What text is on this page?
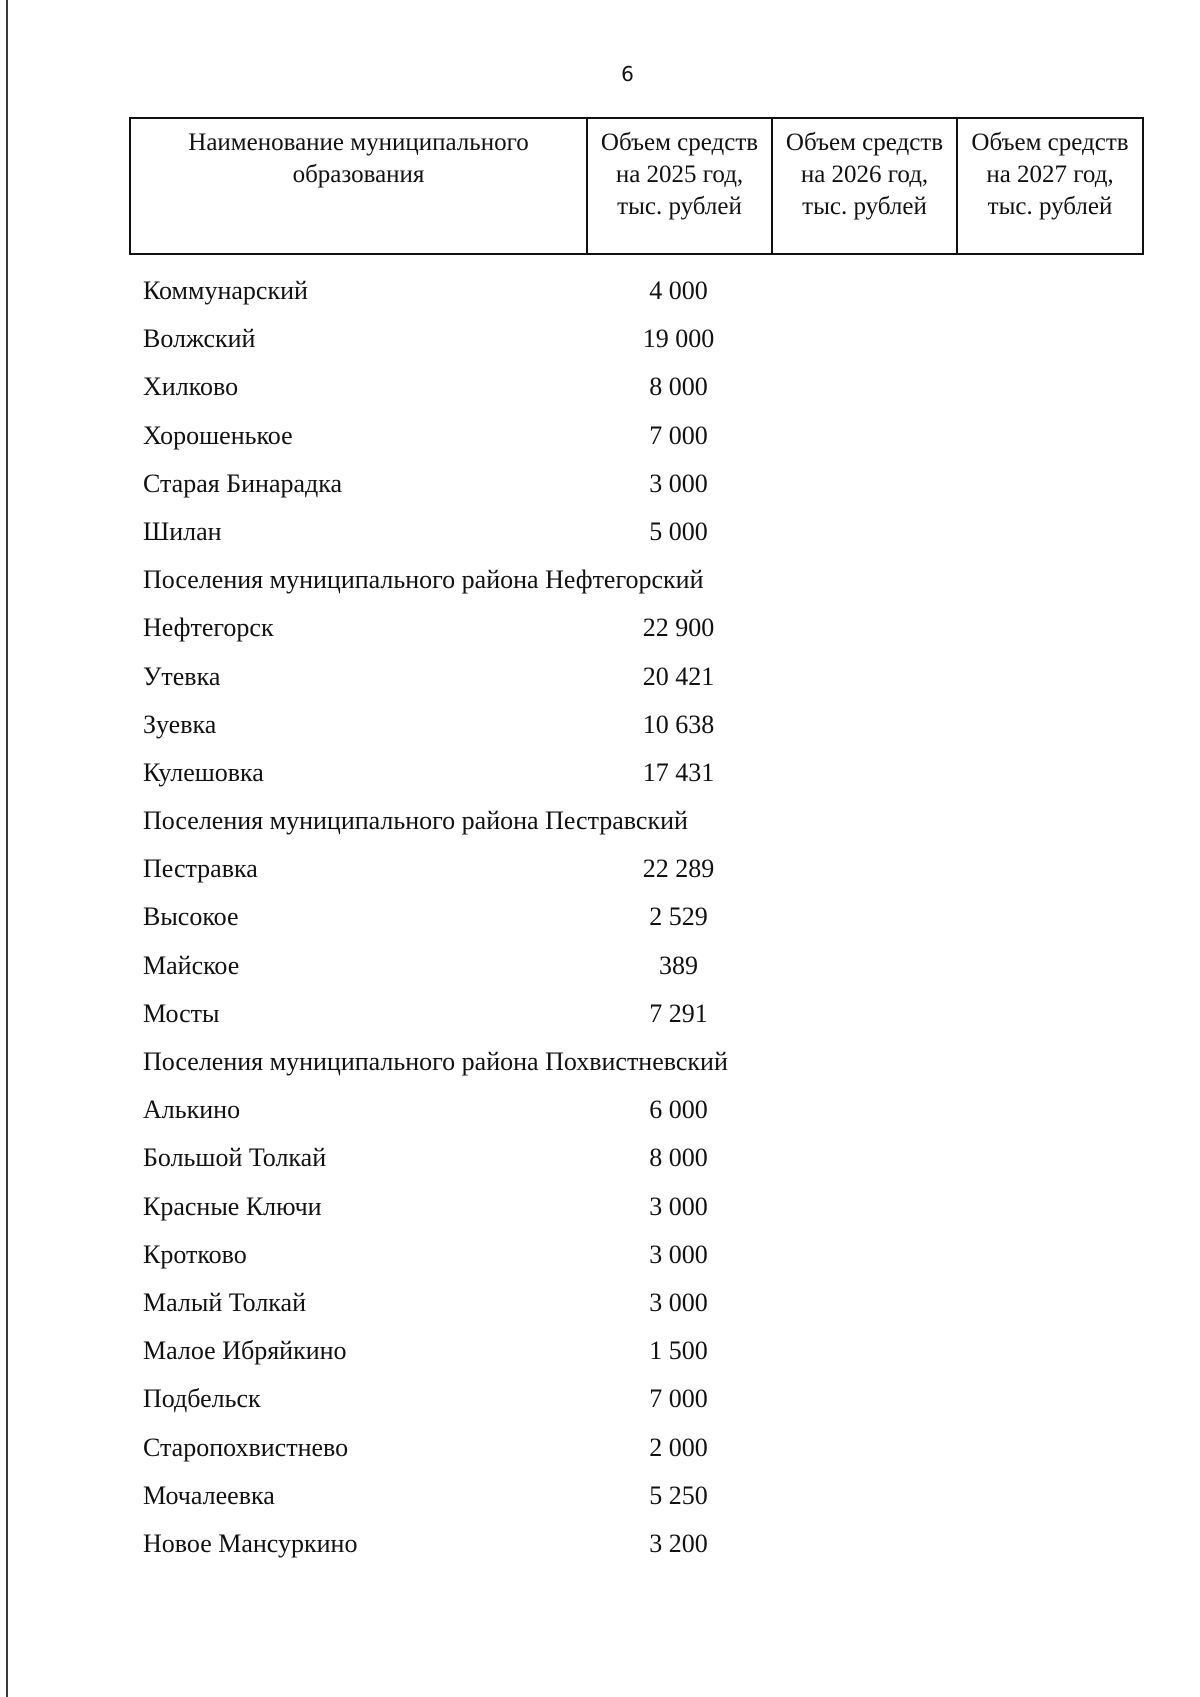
6
Наименование муниципального образования	Объем средств на 2025 год, тыс. рублей	Объем средств на 2026 год, тыс. рублей	Объем средств на 2027 год, тыс. рублей
Коммунарский	4 000
Волжский	19 000
Хилково	8 000
Хорошенькое	7 000
Старая Бинарадка	3 000
Шилан	5 000
Поселения муниципального района Нефтегорский
Нефтегорск	22 900
Утевка	20 421
Зуевка	10 638
Кулешовка	17 431
Поселения муниципального района Пестравский
Пестравка	22 289
Высокое	2 529
Майское	389
Мосты	7 291
Поселения муниципального района Похвистневский
Алькино	6 000
Большой Толкай	8 000
Красные Ключи	3 000
Кротково	3 000
Малый Толкай	3 000
Малое Ибряйкино	1 500
Подбельск	7 000
Старопохвистнево	2 000
Мочалеевка	5 250
Новое Мансуркино	3 200
